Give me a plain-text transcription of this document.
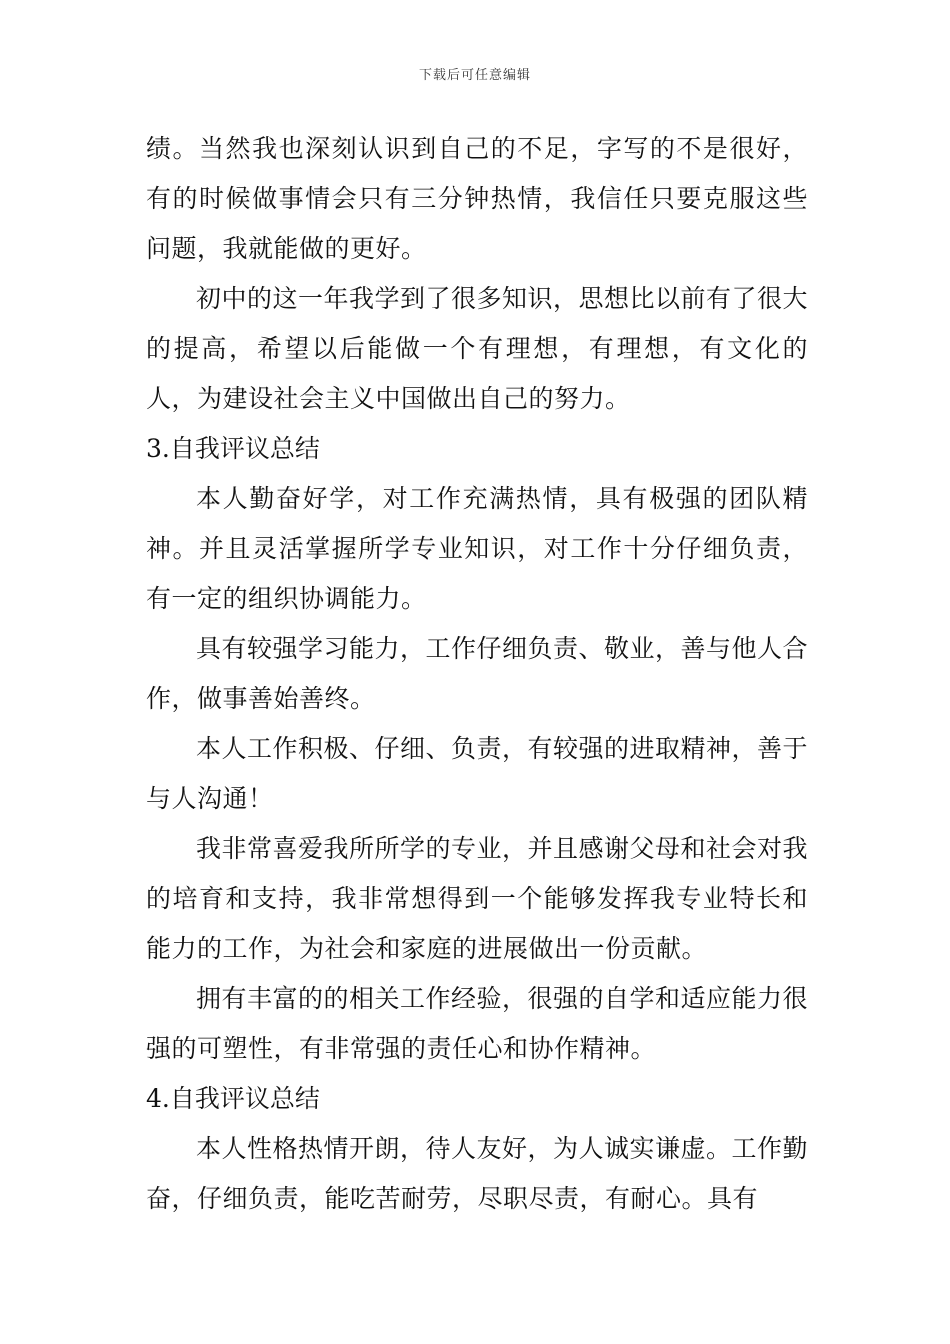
下载后可任意编辑

绩。当然我也深刻认识到自己的不足，字写的不是很好，有的时候做事情会只有三分钟热情，我信任只要克服这些问题，我就能做的更好。

初中的这一年我学到了很多知识，思想比以前有了很大的提高，希望以后能做一个有理想，有理想，有文化的人，为建设社会主义中国做出自己的努力。

3.自我评议总结

本人勤奋好学，对工作充满热情，具有极强的团队精神。并且灵活掌握所学专业知识，对工作十分仔细负责，有一定的组织协调能力。

具有较强学习能力，工作仔细负责、敬业，善与他人合作，做事善始善终。

本人工作积极、仔细、负责，有较强的进取精神，善于与人沟通！

我非常喜爱我所所学的专业，并且感谢父母和社会对我的培育和支持，我非常想得到一个能够发挥我专业特长和能力的工作，为社会和家庭的进展做出一份贡献。

拥有丰富的的相关工作经验，很强的自学和适应能力很强的可塑性，有非常强的责任心和协作精神。

4.自我评议总结

本人性格热情开朗，待人友好，为人诚实谦虚。工作勤奋，仔细负责，能吃苦耐劳，尽职尽责，有耐心。具有
